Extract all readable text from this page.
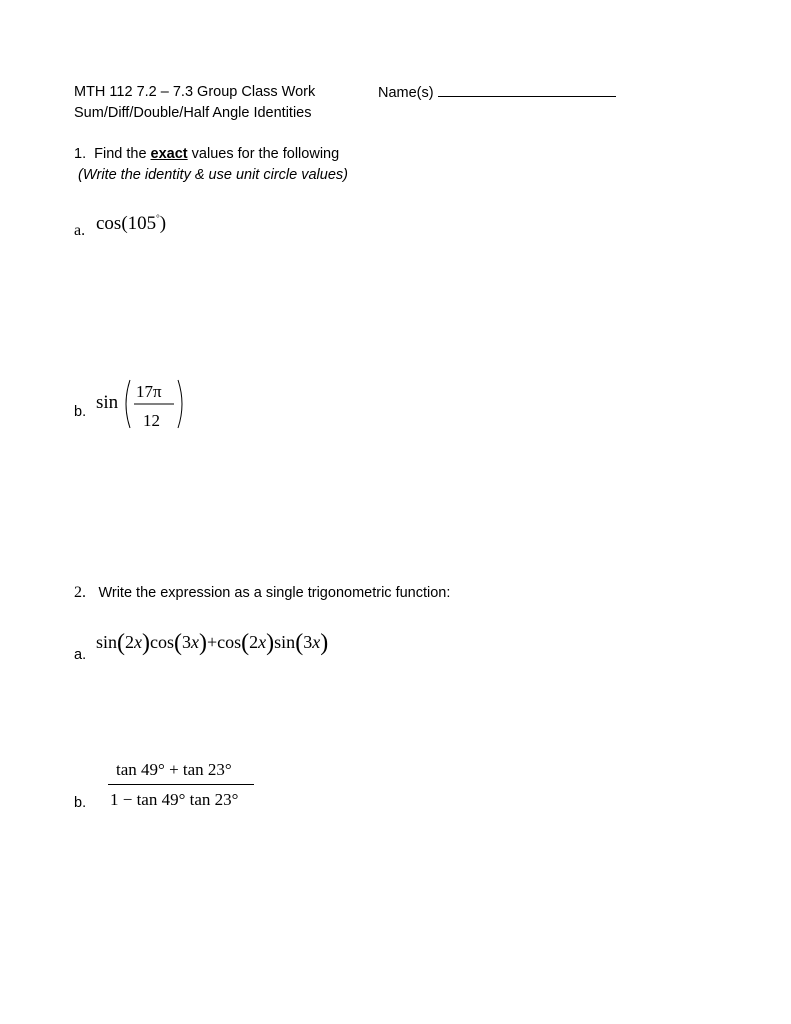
MTH 112 7.2 – 7.3 Group Class Work	Name(s)
Sum/Diff/Double/Half Angle Identities
1. Find the exact values for the following
(Write the identity & use unit circle values)
a. cos(105°)
b. sin
17π
12
2. Write the expression as a single trigonometric function:
a.
sin(2x)cos(3x)+cos(2x)sin(3x)
b.
tan 49° + tan 23°
1 − tan 49° tan 23°
